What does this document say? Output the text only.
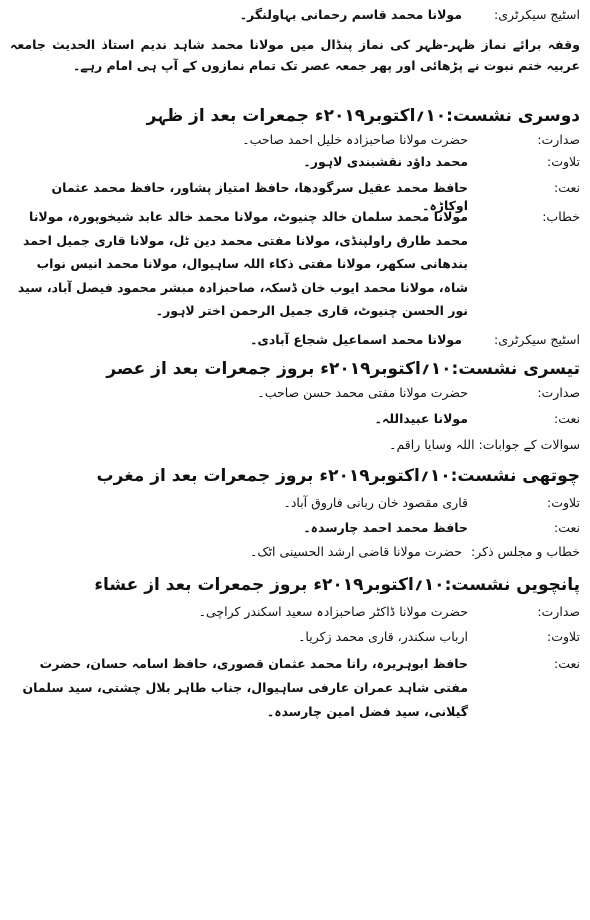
اسٹیج سیکرٹری:
مولانا محمد قاسم رحمانی بہاولنگر۔
وقفہ برائے نماز ظہر-ظہر کی نماز پنڈال میں مولانا محمد شاہد ندیم استاذ الحدیث جامعہ عربیہ ختم نبوت نے پڑھائی اور پھر جمعہ عصر تک تمام نمازوں کے آپ ہی امام رہے۔
دوسری نشست:۱۰؍اکتوبر۲۰۱۹ء جمعرات بعد از ظہر
صدارت:
حضرت مولانا صاحبزادہ خلیل احمد صاحب۔
تلاوت:
محمد داؤد نقشبندی لاہور۔
نعت:
حافظ محمد عقیل سرگودھا، حافظ امتیاز پشاور، حافظ محمد عثمان اوکاڑہ۔
خطاب:
مولانا محمد سلمان خالد چنیوٹ، مولانا محمد خالد عابد شیخوپورہ، مولانا محمد طارق راولپنڈی، مولانا مفتی محمد دین ٹل، مولانا قاری جمیل احمد بندھانی سکھر، مولانا مفتی ذکاء اللہ ساہیوال، مولانا محمد انیس نواب شاہ، مولانا محمد ایوب خان ڈسکہ، صاحبزادہ مبشر محمود فیصل آباد، سید نور الحسن چنیوٹ، قاری جمیل الرحمن اختر لاہور۔
اسٹیج سیکرٹری:
مولانا محمد اسماعیل شجاع آبادی۔
تیسری نشست:۱۰؍اکتوبر۲۰۱۹ء بروز جمعرات بعد از عصر
صدارت:
حضرت مولانا مفتی محمد حسن صاحب۔
نعت:
مولانا عبیداللہ۔
سوالات کے جوابات: اللہ وسایا راقم۔
چوتھی نشست:۱۰؍اکتوبر۲۰۱۹ء بروز جمعرات بعد از مغرب
تلاوت:
قاری مقصود خان ربانی فاروق آباد۔
نعت:
حافظ محمد احمد چارسدہ۔
خطاب و مجلس ذکر:
حضرت مولانا قاضی ارشد الحسینی اٹک۔
پانچویں نشست:۱۰؍اکتوبر۲۰۱۹ء بروز جمعرات بعد از عشاء
صدارت:
حضرت مولانا ڈاکٹر صاحبزادہ سعید اسکندر کراچی۔
تلاوت:
ارباب سکندر، قاری محمد زکریا۔
نعت:
حافظ ابوہریرہ، رانا محمد عثمان قصوری، حافظ اسامہ حسان، حضرت مفتی شاہد عمران عارفی ساہیوال، جناب طاہر بلال چشتی، سید سلمان گیلانی، سید فضل امین چارسدہ۔
